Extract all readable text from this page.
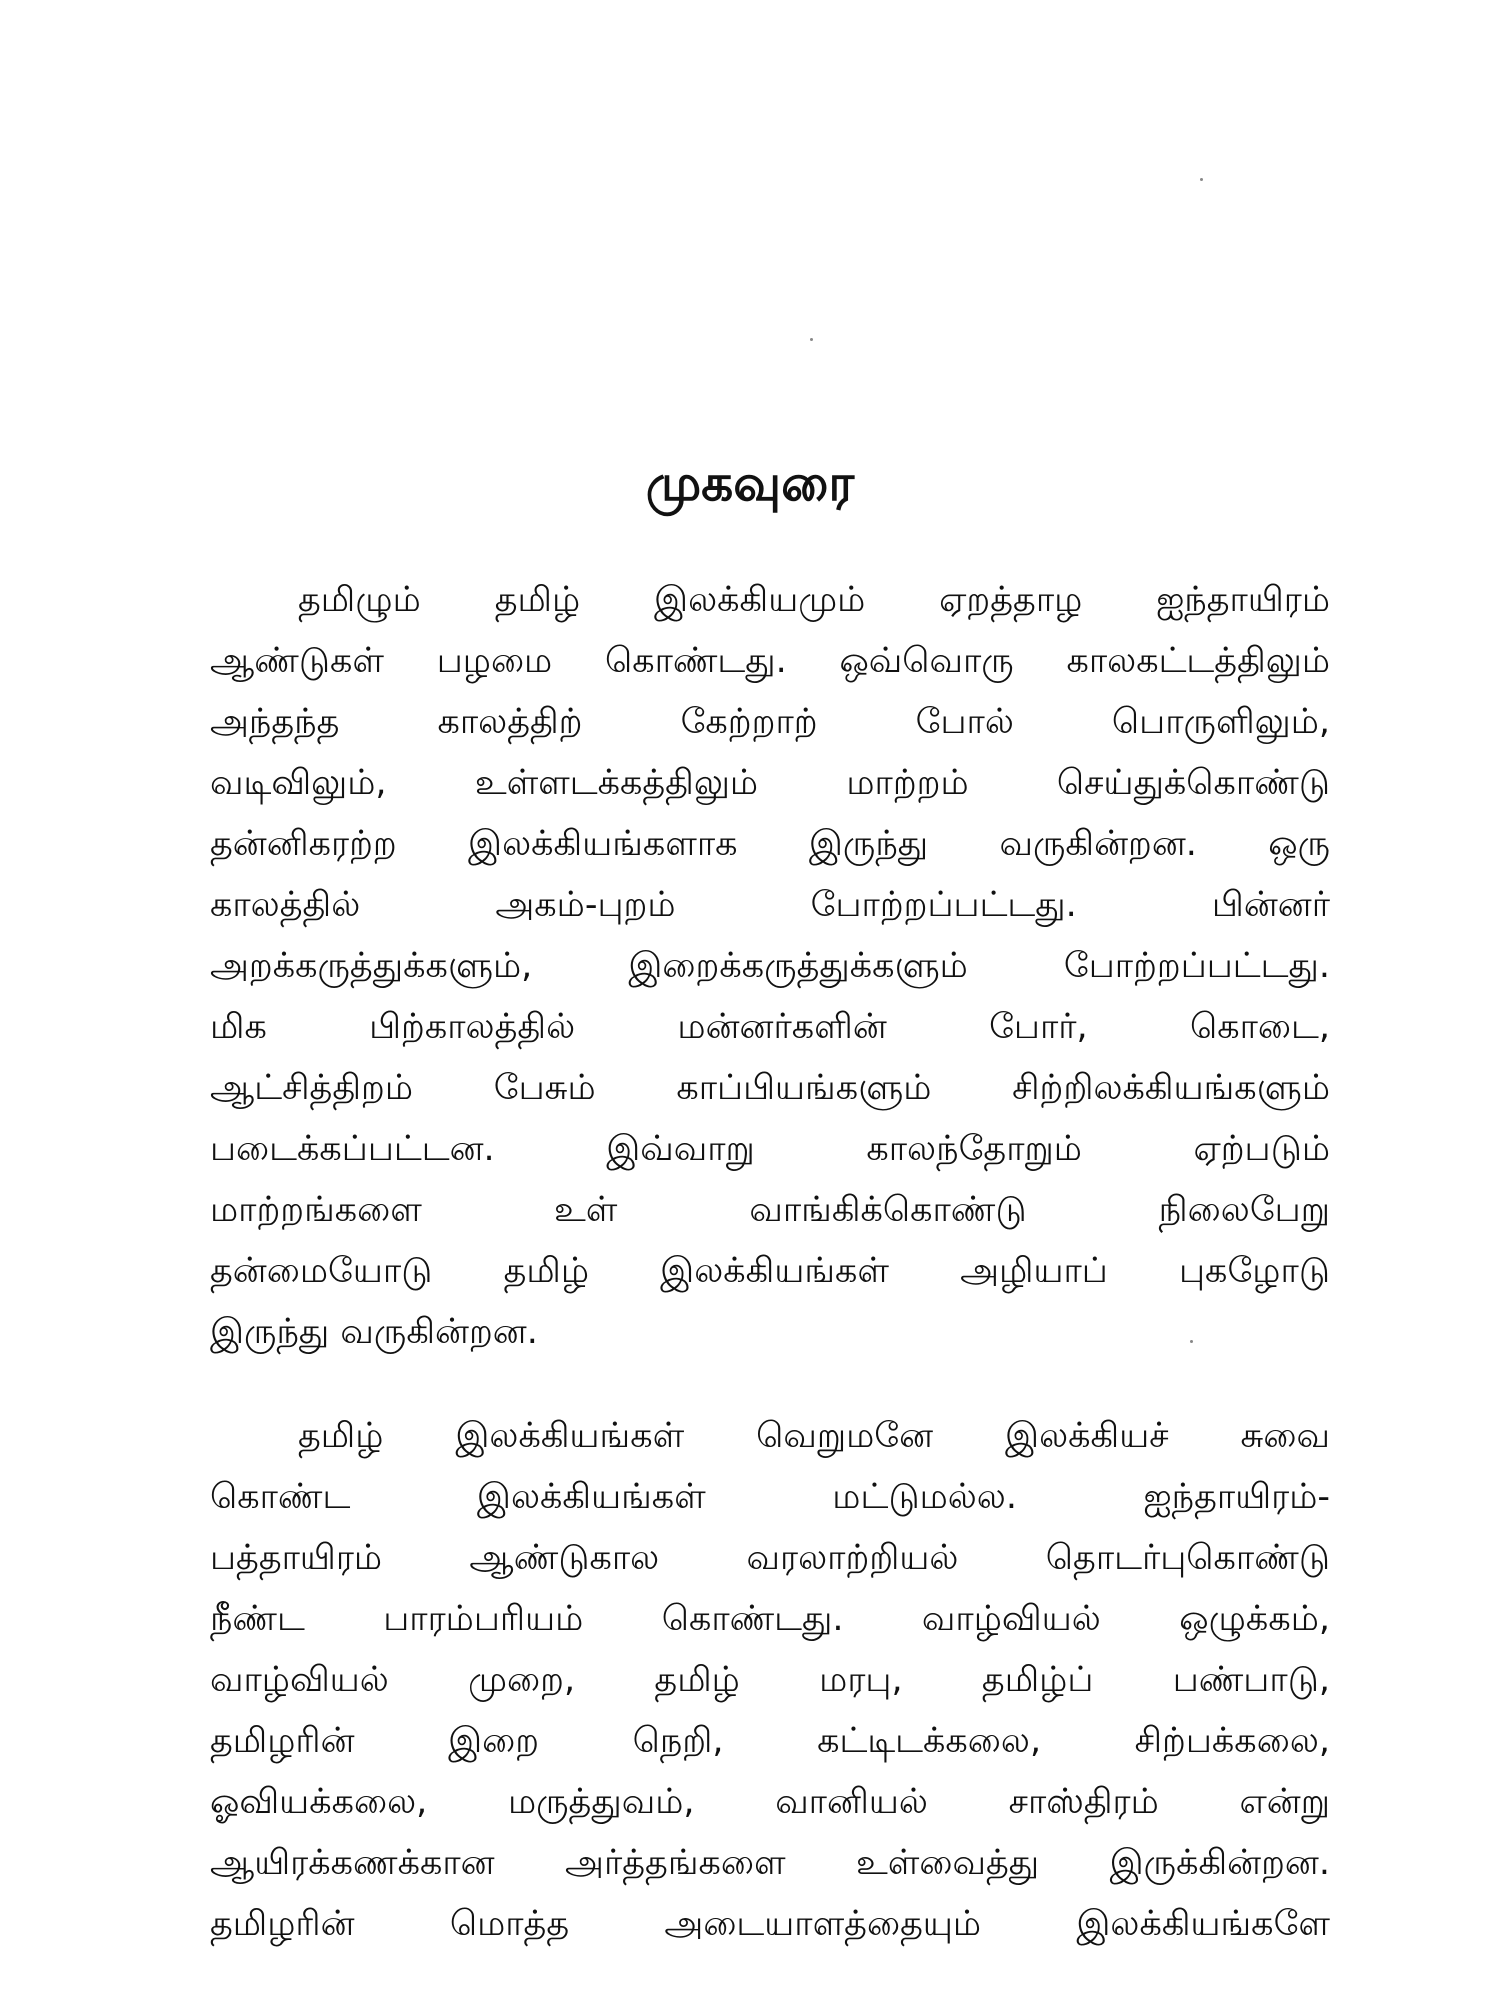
முகவுரை
தமிழும் தமிழ் இலக்கியமும் ஏறத்தாழ ஐந்தாயிரம்
ஆண்டுகள் பழமை கொண்டது. ஒவ்வொரு காலகட்டத்திலும்
அந்தந்த காலத்திற் கேற்றாற் போல் பொருளிலும்,
வடிவிலும், உள்ளடக்கத்திலும் மாற்றம் செய்துக்கொண்டு
தன்னிகரற்ற இலக்கியங்களாக இருந்து வருகின்றன. ஒரு
காலத்தில் அகம்-புறம் போற்றப்பட்டது. பின்னர்
அறக்கருத்துக்களும், இறைக்கருத்துக்களும் போற்றப்பட்டது.
மிக பிற்காலத்தில் மன்னர்களின் போர், கொடை,
ஆட்சித்திறம் பேசும் காப்பியங்களும் சிற்றிலக்கியங்களும்
படைக்கப்பட்டன. இவ்வாறு காலந்தோறும் ஏற்படும்
மாற்றங்களை உள் வாங்கிக்கொண்டு நிலைபேறு
தன்மையோடு தமிழ் இலக்கியங்கள் அழியாப் புகழோடு
இருந்து வருகின்றன.
தமிழ் இலக்கியங்கள் வெறுமனே இலக்கியச் சுவை
கொண்ட இலக்கியங்கள் மட்டுமல்ல. ஐந்தாயிரம்-
பத்தாயிரம் ஆண்டுகால வரலாற்றியல் தொடர்புகொண்டு
நீண்ட பாரம்பரியம் கொண்டது. வாழ்வியல் ஒழுக்கம்,
வாழ்வியல் முறை, தமிழ் மரபு, தமிழ்ப் பண்பாடு,
தமிழரின் இறை நெறி, கட்டிடக்கலை, சிற்பக்கலை,
ஓவியக்கலை, மருத்துவம், வானியல் சாஸ்திரம் என்று
ஆயிரக்கணக்கான அர்த்தங்களை உள்வைத்து இருக்கின்றன.
தமிழரின் மொத்த அடையாளத்தையும் இலக்கியங்களே
